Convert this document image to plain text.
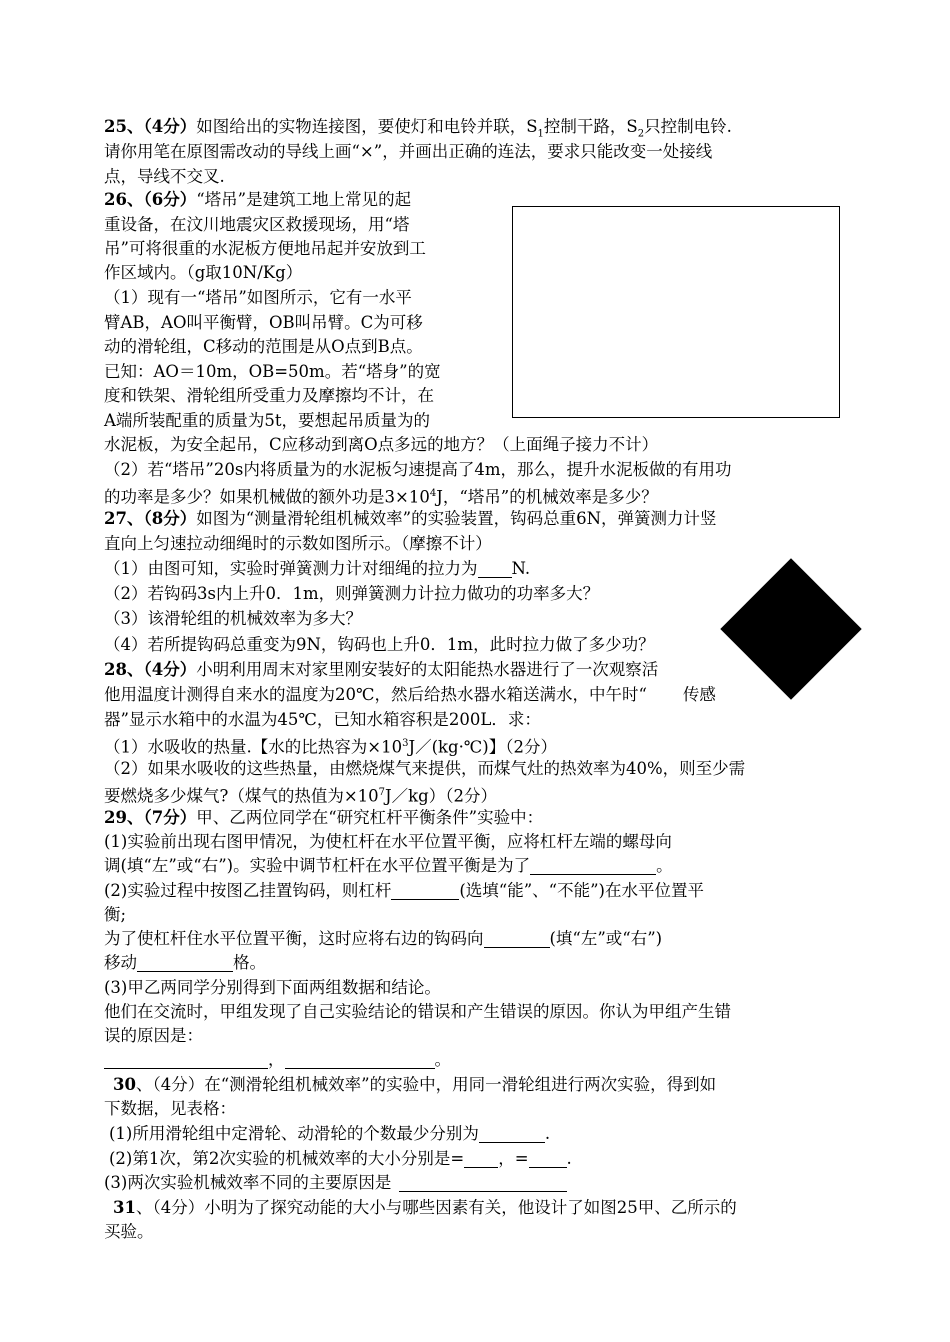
25、（4分）如图给出的实物连接图，要使灯和电铃并联，$S_1$控制干路，$S_2$只控制电铃.
请你用笔在原图需改动的导线上画“×”，并画出正确的连法，要求只能改变一处接线
点，导线不交叉.
26、（6分）“塔吊”是建筑工地上常见的起
重设备，在汶川地震灾区救援现场，用“塔
吊”可将很重的水泥板方便地吊起并安放到工
作区域内。（g取10N/Kg）
（1）现有一“塔吊”如图所示，它有一水平
臂AB，AO叫平衡臂，OB叫吊臂。C为可移
动的滑轮组，C移动的范围是从O点到B点。
已知：AO＝10m，OB=50m。若“塔身”的宽
度和铁架、滑轮组所受重力及摩擦均不计，在
A端所装配重的质量为5t，要想起吊质量为的
水泥板，为安全起吊，C应移动到离O点多远的地方？（上面绳子接力不计）
（2）若“塔吊”20s内将质量为的水泥板匀速提高了4m，那么，提升水泥板做的有用功
的功率是多少？如果机械做的额外功是$3\times 10^4J$，“塔吊”的机械效率是多少？
27、（8分）如图为“测量滑轮组机械效率”的实验装置，钩码总重6N，弹簧测力计竖
直向上匀速拉动细绳时的示数如图所示。（摩擦不计）
（1）由图可知，实验时弹簧测力计对细绳的拉力为 N.
（2）若钩码3s内上升0．1m，则弹簧测力计拉力做功的功率多大？
（3）该滑轮组的机械效率为多大？
（4）若所提钩码总重变为9N，钩码也上升0．1m，此时拉力做了多少功？
28、（4分）小明利用周末对家里刚安装好的太阳能热水器进行了一次观察活
他用温度计测得自来水的温度为20℃，然后给热水器水箱送满水，中午时“ 传感
器”显示水箱中的水温为45℃，已知水箱容积是200L．求：
（1）水吸收的热量.【水的比热容为$\times 10^3J/(kg\cdot℃)$】（2分）
（2）如果水吸收的这些热量，由燃烧煤气来提供，而煤气灶的热效率为40%，则至少需
要燃烧多少煤气?（煤气的热值为$\times 10^7J/kg)(2$分）
29、（7分）甲、乙两位同学在“研究杠杆平衡条件”实验中：
(1)实验前出现右图甲情况，为使杠杆在水平位置平衡，应将杠杆左端的螺母向
调(填“左”或“右”)。实验中调节杠杆在水平位置平衡是为了	。
(2)实验过程中按图乙挂置钩码，则杠杆	(选填“能”、“不能”)在水平位置平
衡;
为了使杠杆住水平位置平衡，这时应将右边的钩码向	(填“左”或“右”)
移动	格。
(3)甲乙两同学分别得到下面两组数据和结论。
他们在交流时，甲组发现了自己实验结论的错误和产生错误的原因。你认为甲组产生错
误的原因是：
，	。
30、（4分）在“测滑轮组机械效率”的实验中，用同一滑轮组进行两次实验，得到如
下数据，见表格：
(1)所用滑轮组中定滑轮、动滑轮的个数最少分别为	.
(2)第1次，第2次实验的机械效率的大小分别是= ，= .
(3)两次实验机械效率不同的主要原因是
31、（4分）小明为了探究动能的大小与哪些因素有关，他设计了如图25甲、乙所示的
买验。
